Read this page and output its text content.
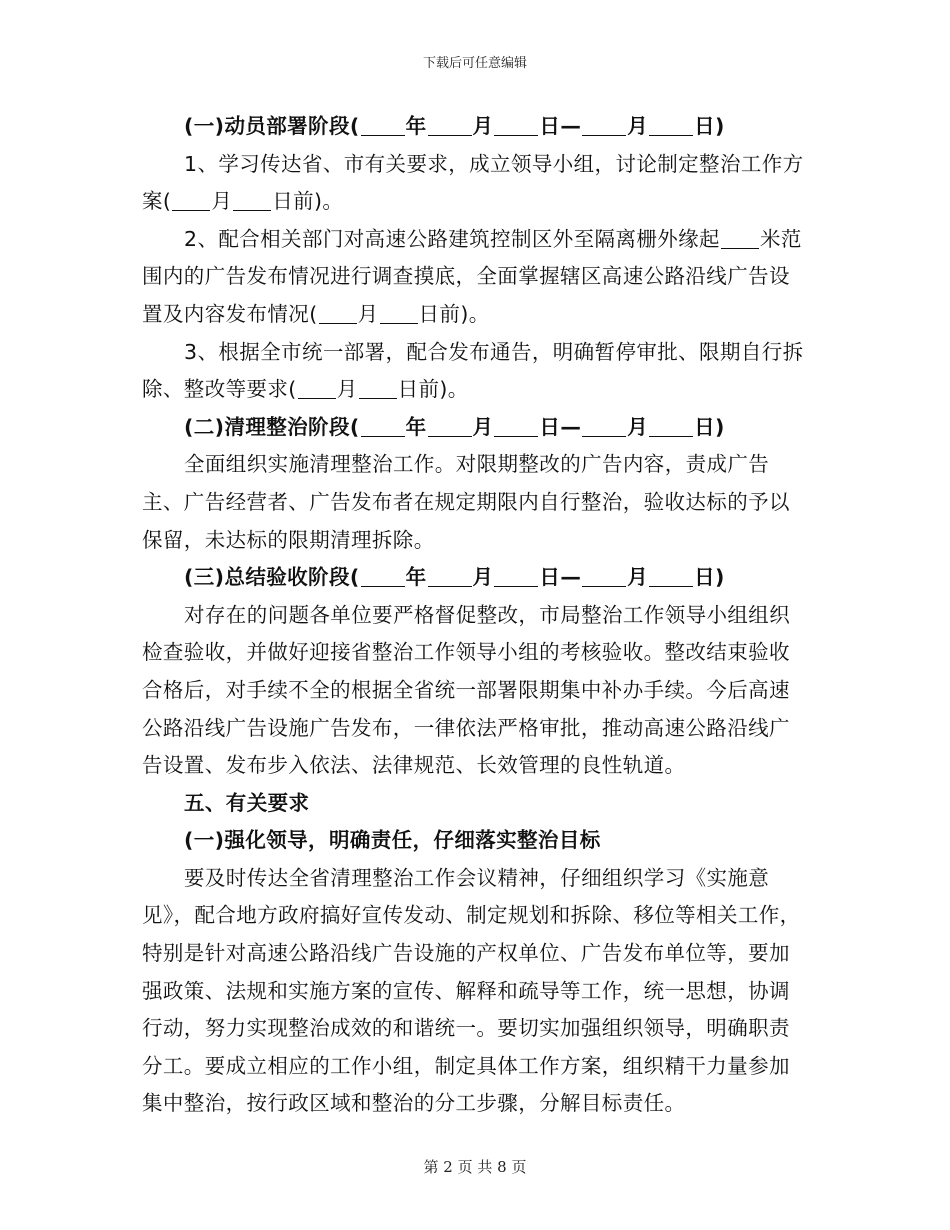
下载后可任意编辑

(一)动员部署阶段( 年 月 日— 月 日)

1、学习传达省、市有关要求，成立领导小组，讨论制定整治工作方案( 月 日前)。

2、配合相关部门对高速公路建筑控制区外至隔离栅外缘起 米范围内的广告发布情况进行调查摸底，全面掌握辖区高速公路沿线广告设置及内容发布情况( 月 日前)。

3、根据全市统一部署，配合发布通告，明确暂停审批、限期自行拆除、整改等要求( 月 日前)。

(二)清理整治阶段( 年 月 日— 月 日)

全面组织实施清理整治工作。对限期整改的广告内容，责成广告主、广告经营者、广告发布者在规定期限内自行整治，验收达标的予以保留，未达标的限期清理拆除。

(三)总结验收阶段( 年 月 日— 月 日)

对存在的问题各单位要严格督促整改，市局整治工作领导小组组织检查验收，并做好迎接省整治工作领导小组的考核验收。整改结束验收合格后，对手续不全的根据全省统一部署限期集中补办手续。今后高速公路沿线广告设施广告发布，一律依法严格审批，推动高速公路沿线广告设置、发布步入依法、法律规范、长效管理的良性轨道。

五、有关要求

(一)强化领导，明确责任，仔细落实整治目标

要及时传达全省清理整治工作会议精神，仔细组织学习《实施意见》，配合地方政府搞好宣传发动、制定规划和拆除、移位等相关工作，特别是针对高速公路沿线广告设施的产权单位、广告发布单位等，要加强政策、法规和实施方案的宣传、解释和疏导等工作，统一思想，协调行动，努力实现整治成效的和谐统一。要切实加强组织领导，明确职责分工。要成立相应的工作小组，制定具体工作方案，组织精干力量参加集中整治，按行政区域和整治的分工步骤，分解目标责任。

第 2 页 共 8 页
